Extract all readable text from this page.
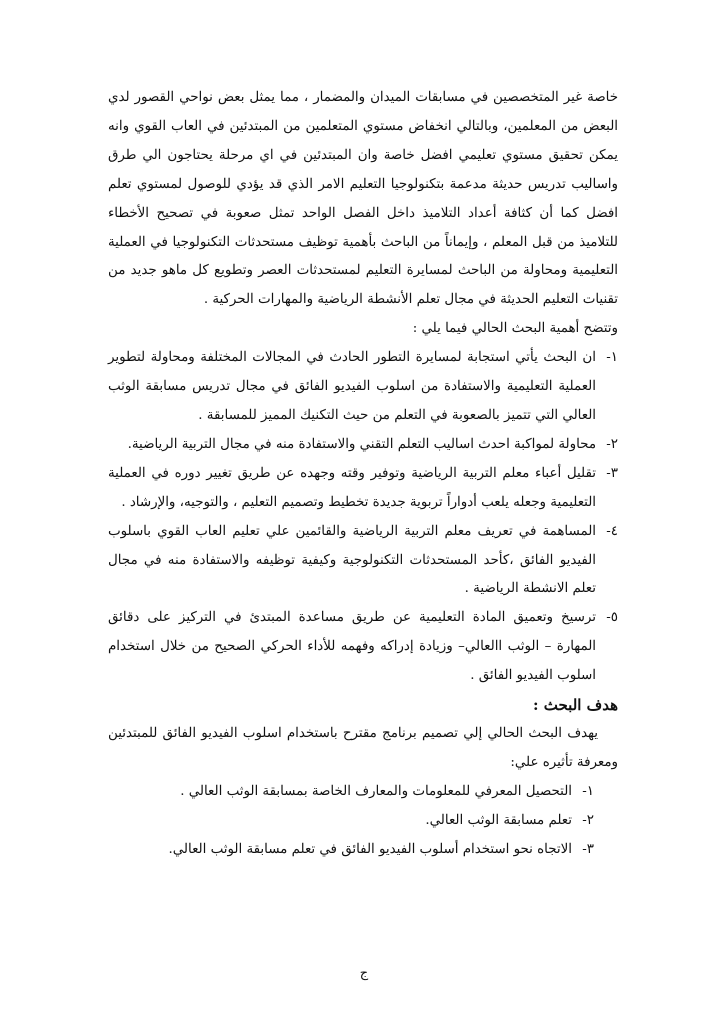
خاصة غير المتخصصين في مسابقات الميدان والمضمار ، مما يمثل بعض نواحي القصور لدي البعض من المعلمين، وبالتالي انخفاض مستوي المتعلمين من المبتدئين في العاب القوي وانه يمكن تحقيق مستوي تعليمي افضل خاصة وان المبتدئين في اي مرحلة يحتاجون الي طرق واساليب تدريس حديثة مدعمة بتكنولوجيا التعليم الامر الذي قد يؤدي للوصول لمستوي تعلم افضل كما أن كثافة أعداد التلاميذ داخل الفصل الواحد تمثل صعوبة في تصحيح الأخطاء للتلاميذ من قبل المعلم ، وإيماناً من الباحث بأهمية توظيف مستحدثات التكنولوجيا في العملية التعليمية ومحاولة من الباحث لمسايرة التعليم لمستحدثات العصر وتطويع كل ماهو جديد من تقنيات التعليم الحديثة في مجال تعلم الأنشطة الرياضية والمهارات الحركية .

وتتضح أهمية البحث الحالي فيما يلي :

١-
ان البحث يأتي استجابة لمسايرة التطور الحادث في المجالات المختلفة ومحاولة لتطوير العملية التعليمية والاستفادة من اسلوب الفيديو الفائق في مجال تدريس مسابقة الوثب العالي التي تتميز بالصعوبة في التعلم من حيث التكنيك المميز للمسابقة .
٢-
محاولة لمواكبة احدث اساليب التعلم التقني والاستفادة منه في مجال التربية الرياضية.
٣-
تقليل أعباء معلم التربية الرياضية وتوفير وقته وجهده عن طريق تغيير دوره في العملية التعليمية وجعله يلعب أدواراً تربوية جديدة تخطيط وتصميم التعليم ، والتوجيه، والإرشاد .
٤-
المساهمة في تعريف معلم التربية الرياضية والقائمين علي تعليم العاب القوي باسلوب الفيديو الفائق ،كأحد المستحدثات التكنولوجية وكيفية توظيفه والاستفادة منه في مجال تعلم الانشطة الرياضية .
٥-
ترسيخ وتعميق المادة التعليمية عن طريق مساعدة المبتدئ في التركيز على دقائق المهارة – الوثب االعالي– وزيادة إدراكه وفهمه للأداء الحركي الصحيح من خلال استخدام اسلوب الفيديو الفائق .

هدف البحث :

يهدف البحث الحالي إلي تصميم برنامج مقترح باستخدام اسلوب الفيديو الفائق للمبتدئين ومعرفة تأثيره علي:

١-
التحصيل المعرفي للمعلومات والمعارف الخاصة بمسابقة الوثب العالي .
٢-
تعلم مسابقة الوثب العالي.
٣-
الاتجاه نحو استخدام أسلوب الفيديو الفائق في تعلم مسابقة الوثب العالي.
ج
